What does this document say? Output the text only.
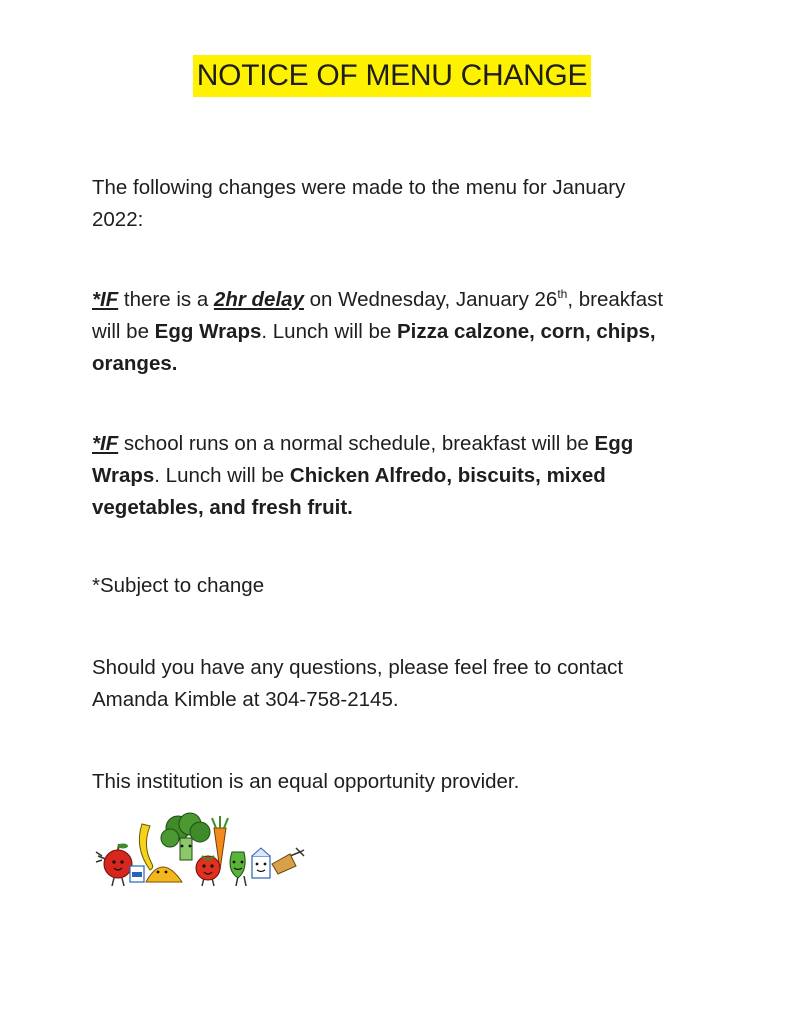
NOTICE OF MENU CHANGE

The following changes were made to the menu for January 2022:

*IF there is a 2hr delay on Wednesday, January 26th, breakfast will be Egg Wraps. Lunch will be Pizza calzone, corn, chips, oranges.

*IF school runs on a normal schedule, breakfast will be Egg Wraps. Lunch will be Chicken Alfredo, biscuits, mixed vegetables, and fresh fruit.

*Subject to change

Should you have any questions, please feel free to contact Amanda Kimble at 304-758-2145.

This institution is an equal opportunity provider.
